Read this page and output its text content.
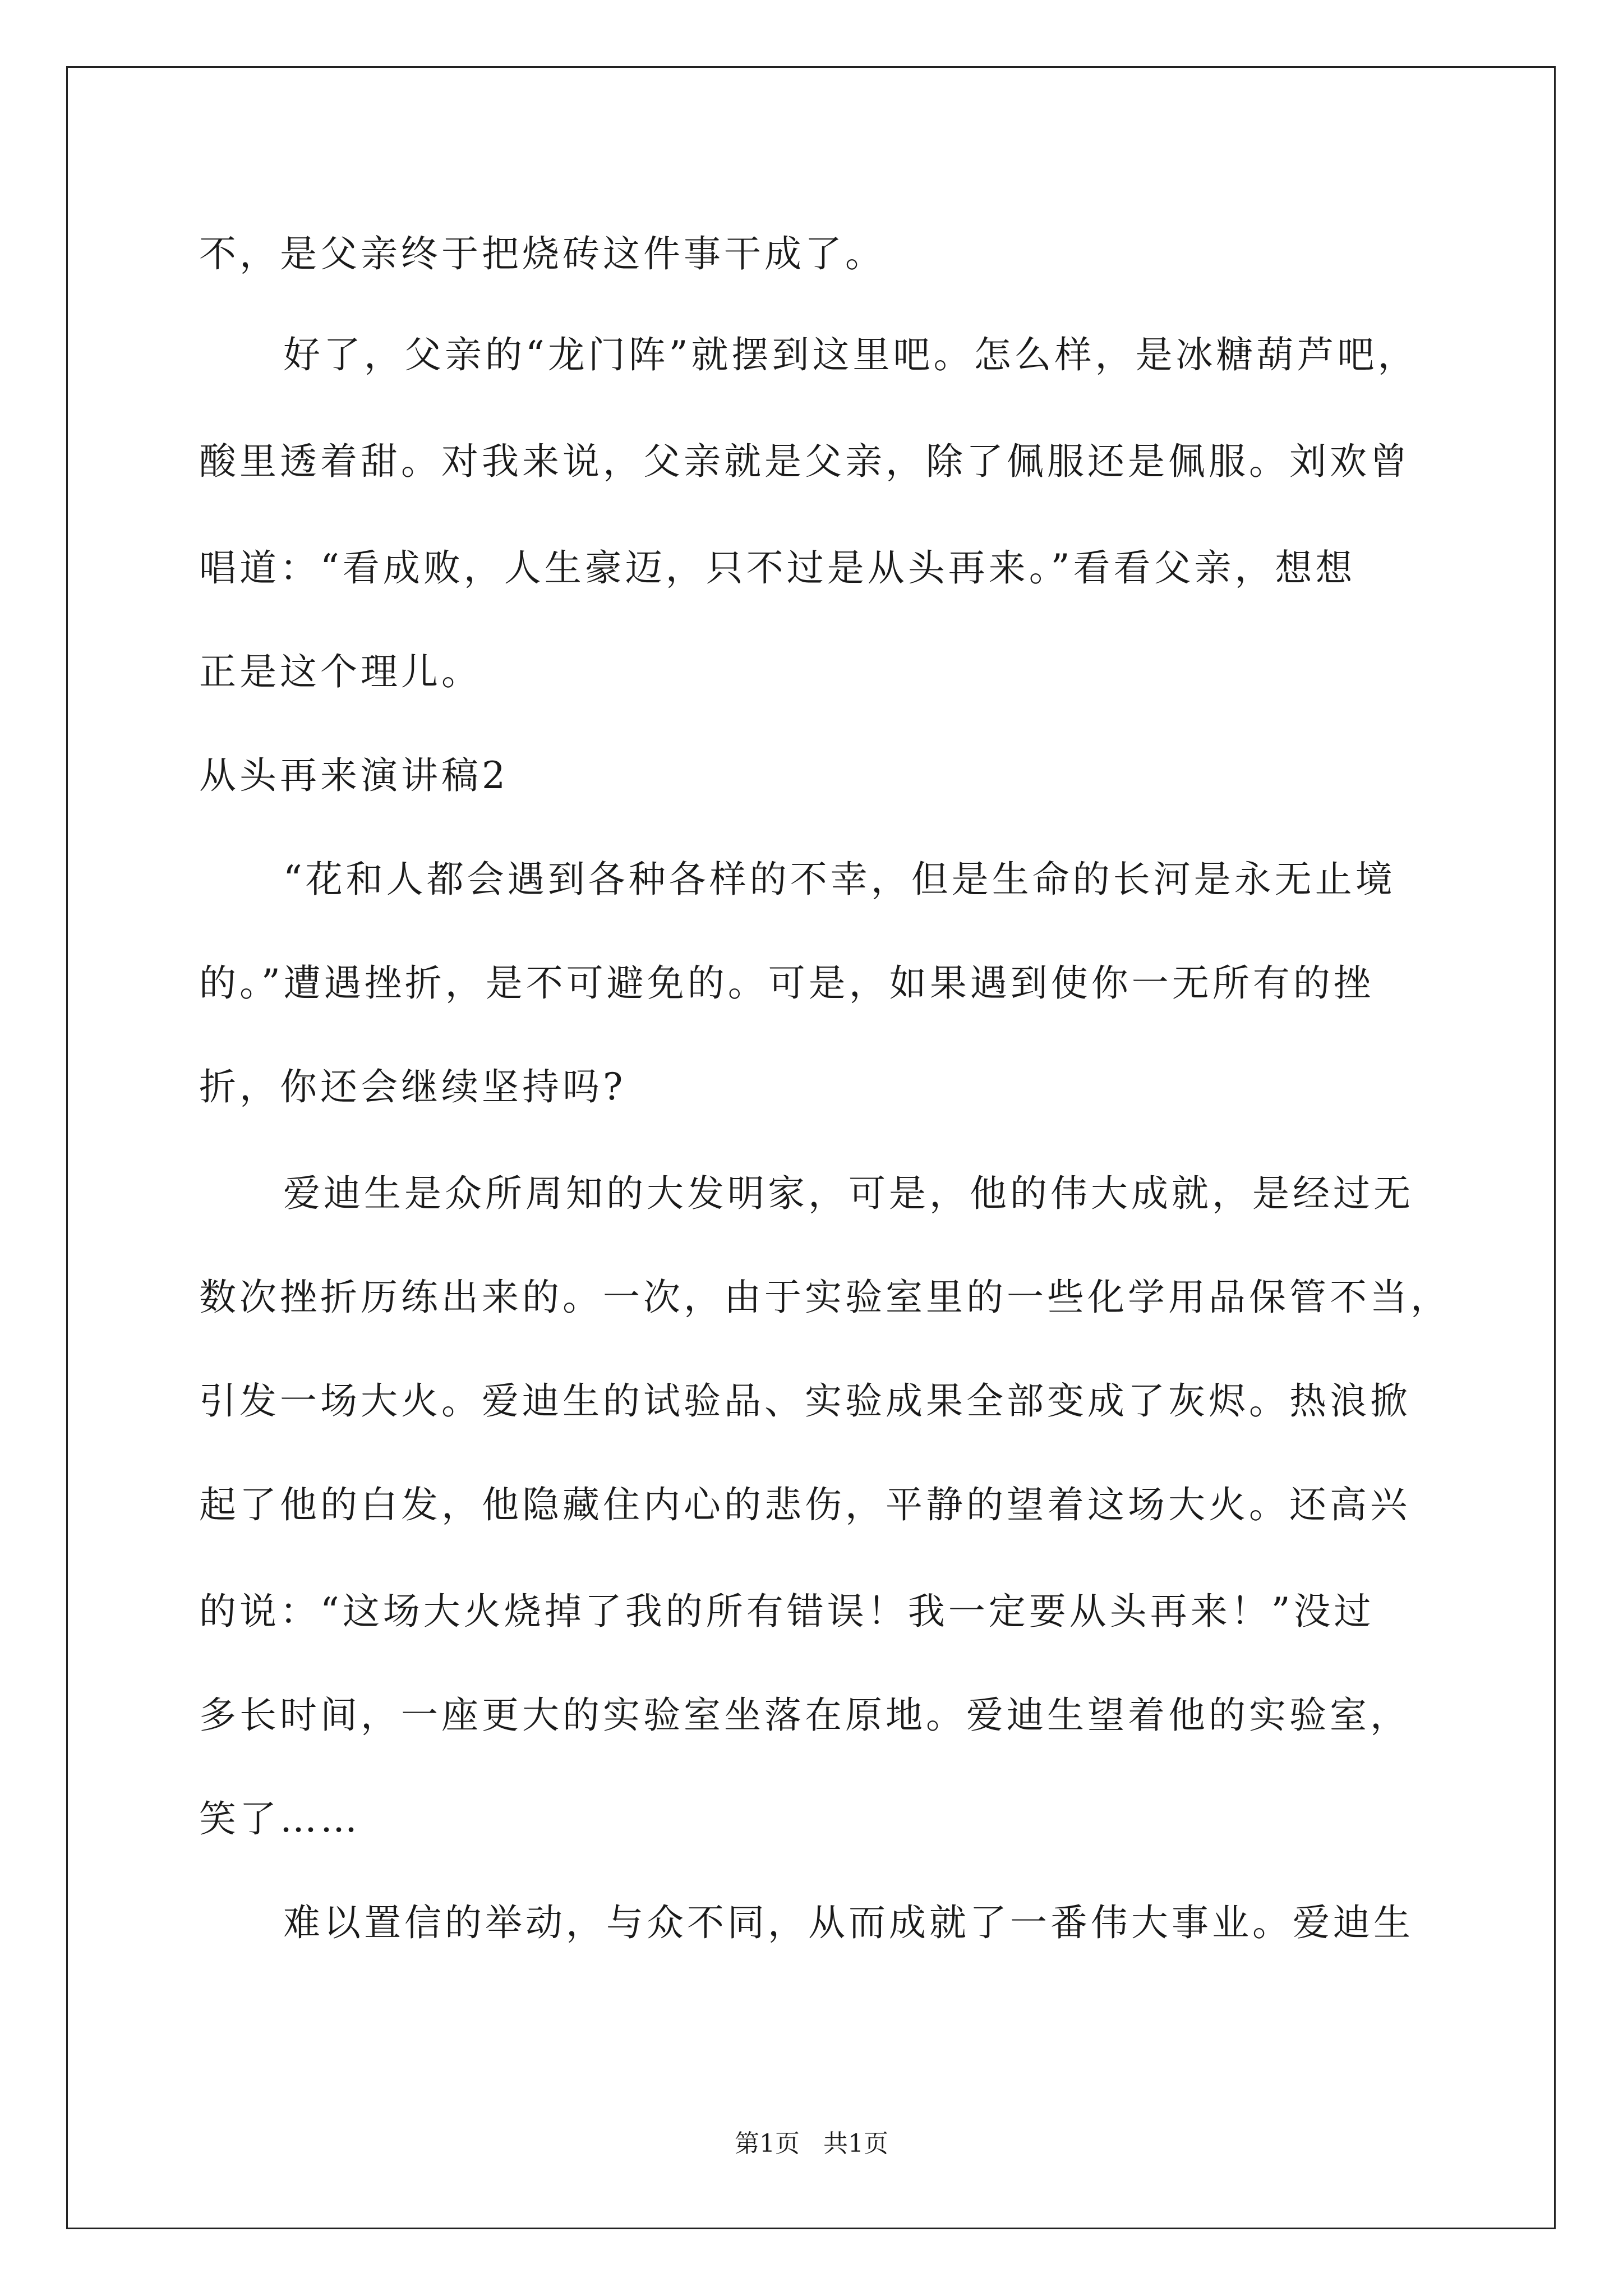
不，是父亲终于把烧砖这件事干成了。
好了，父亲的“龙门阵”就摆到这里吧。怎么样，是冰糖葫芦吧，
酸里透着甜。对我来说，父亲就是父亲，除了佩服还是佩服。刘欢曾
唱道：“看成败，人生豪迈，只不过是从头再来。”看看父亲，想想
正是这个理儿。
从头再来演讲稿2
“花和人都会遇到各种各样的不幸，但是生命的长河是永无止境
的。”遭遇挫折，是不可避免的。可是，如果遇到使你一无所有的挫
折，你还会继续坚持吗?
爱迪生是众所周知的大发明家，可是，他的伟大成就，是经过无
数次挫折历练出来的。一次，由于实验室里的一些化学用品保管不当，
引发一场大火。爱迪生的试验品、实验成果全部变成了灰烬。热浪掀
起了他的白发，他隐藏住内心的悲伤，平静的望着这场大火。还高兴
的说：“这场大火烧掉了我的所有错误！我一定要从头再来！”没过
多长时间，一座更大的实验室坐落在原地。爱迪生望着他的实验室，
笑了……
难以置信的举动，与众不同，从而成就了一番伟大事业。爱迪生
第1页   共1页
